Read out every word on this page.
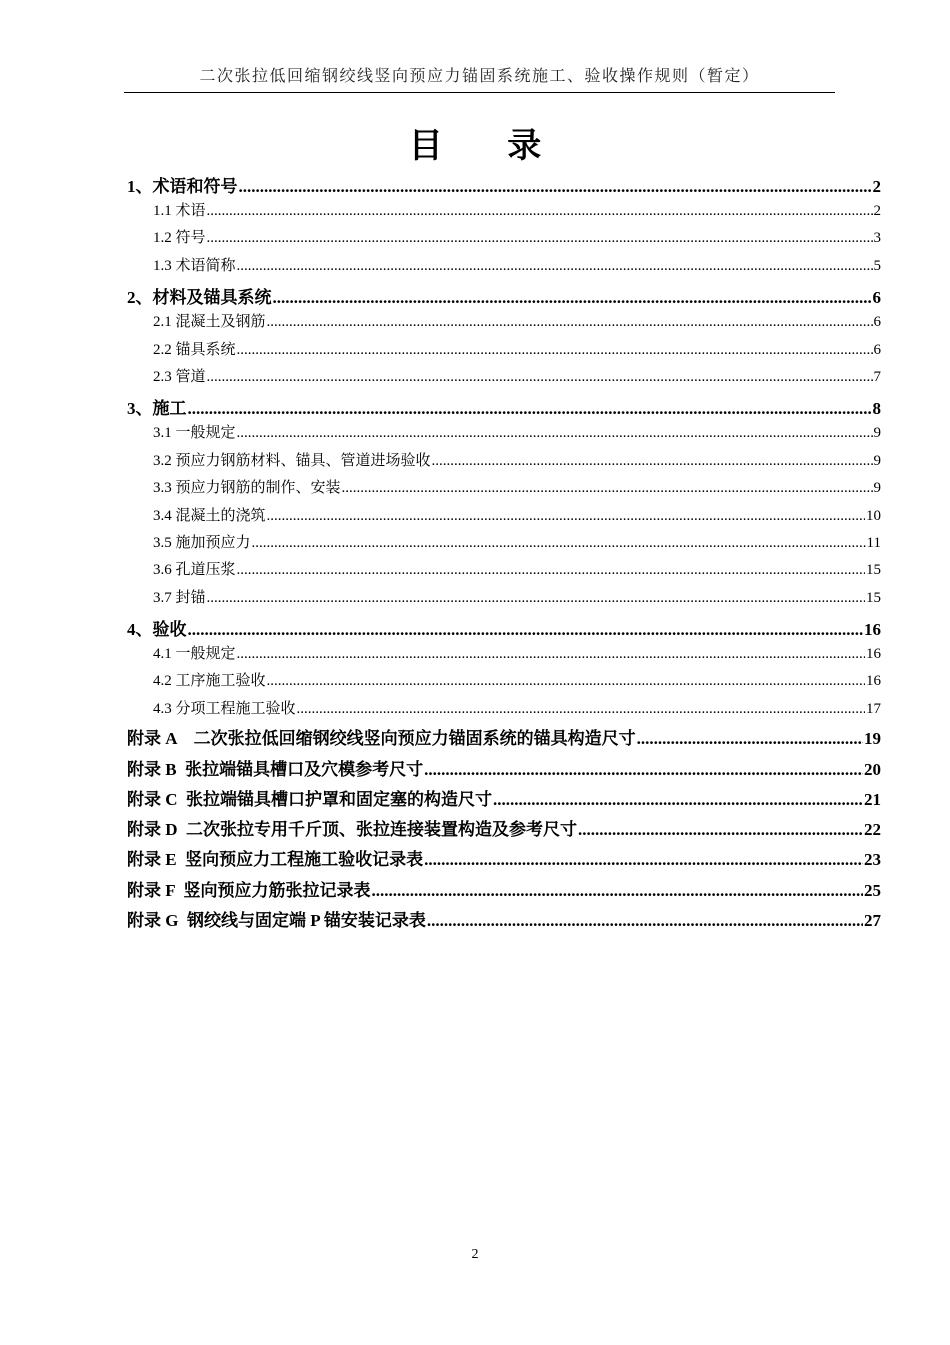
二次张拉低回缩钢绞线竖向预应力锚固系统施工、验收操作规则（暂定）
目 录
1、术语和符号 .....	2
1.1 术语 .....	2
1.2 符号 .....	3
1.3 术语简称 .....	5
2、材料及锚具系统 .....	6
2.1 混凝土及钢筋 .....	6
2.2 锚具系统 .....	6
2.3 管道 .....	7
3、施工 .....	8
3.1 一般规定 .....	9
3.2 预应力钢筋材料、锚具、管道进场验收 .....	9
3.3 预应力钢筋的制作、安装 .....	9
3.4 混凝土的浇筑 .....	10
3.5 施加预应力 .....	11
3.6 孔道压浆 .....	15
3.7 封锚 .....	15
4、验收 .....	16
4.1 一般规定 .....	16
4.2 工序施工验收 .....	16
4.3 分项工程施工验收 .....	17
附录 A    二次张拉低回缩钢绞线竖向预应力锚固系统的锚具构造尺寸 .....	19
附录 B  张拉端锚具槽口及穴模参考尺寸 .....	20
附录 C  张拉端锚具槽口护罩和固定塞的构造尺寸 .....	21
附录 D  二次张拉专用千斤顶、张拉连接装置构造及参考尺寸 .....	22
附录 E  竖向预应力工程施工验收记录表 .....	23
附录 F  竖向预应力筋张拉记录表 .....	25
附录 G  钢绞线与固定端 P 锚安装记录表 .....	27
2
